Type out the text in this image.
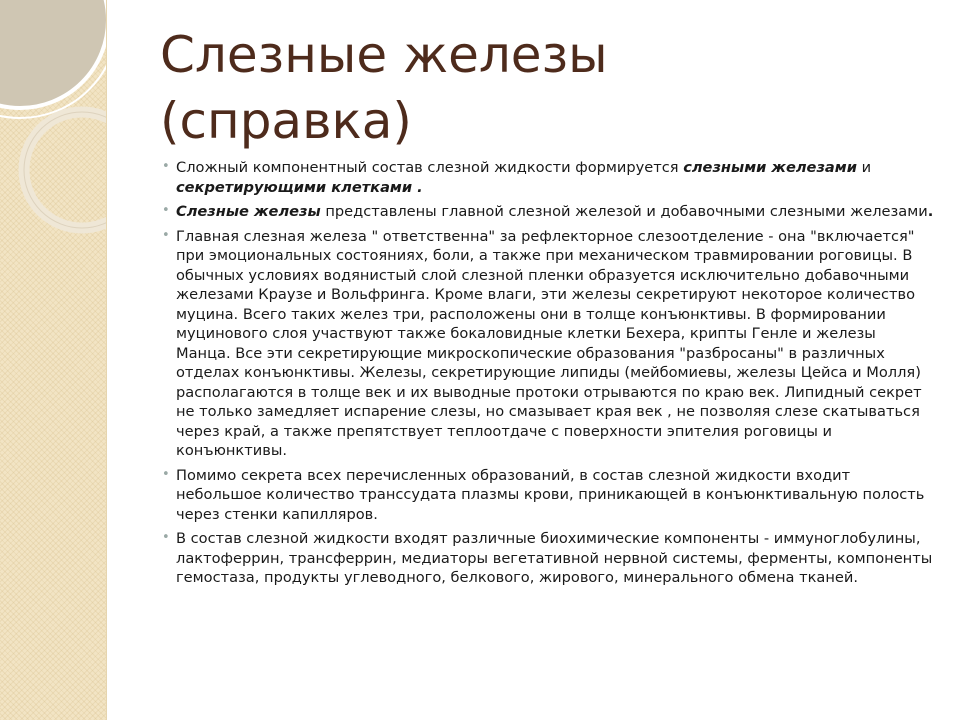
Слезные железы
(справка)
• Сложный компонентный состав слезной жидкости формируется слезными железами и секретирующими клетками .
• Слезные железы представлены главной слезной железой и добавочными слезными железами.
• Главная слезная железа " ответственна" за рефлекторное слезоотделение - она "включается" при эмоциональных состояниях, боли, а также при механическом травмировании роговицы. В обычных условиях водянистый слой слезной пленки образуется исключительно добавочными железами Краузе и Вольфринга. Кроме влаги, эти железы секретируют некоторое количество муцина. Всего таких желез три, расположены они в толще конъюнктивы. В формировании муцинового слоя участвуют также бокаловидные клетки Бехера, крипты Генле и железы Манца. Все эти секретирующие микроскопические образования "разбросаны" в различных отделах конъюнктивы. Железы, секретирующие липиды (мейбомиевы, железы Цейса и Молля) располагаются в толще век и их выводные протоки отрываются по краю век. Липидный секрет не только замедляет испарение слезы, но смазывает края век , не позволяя слезе скатываться через край, а также препятствует теплоотдаче с поверхности эпителия роговицы и конъюнктивы.
• Помимо секрета всех перечисленных образований, в состав слезной жидкости входит небольшое количество транссудата плазмы крови, приникающей в конъюнктивальную полость через стенки капилляров.
• В состав слезной жидкости входят различные биохимические компоненты - иммуноглобулины, лактоферрин, трансферрин, медиаторы вегетативной нервной системы, ферменты, компоненты гемостаза, продукты углеводного, белкового, жирового, минерального обмена тканей.
